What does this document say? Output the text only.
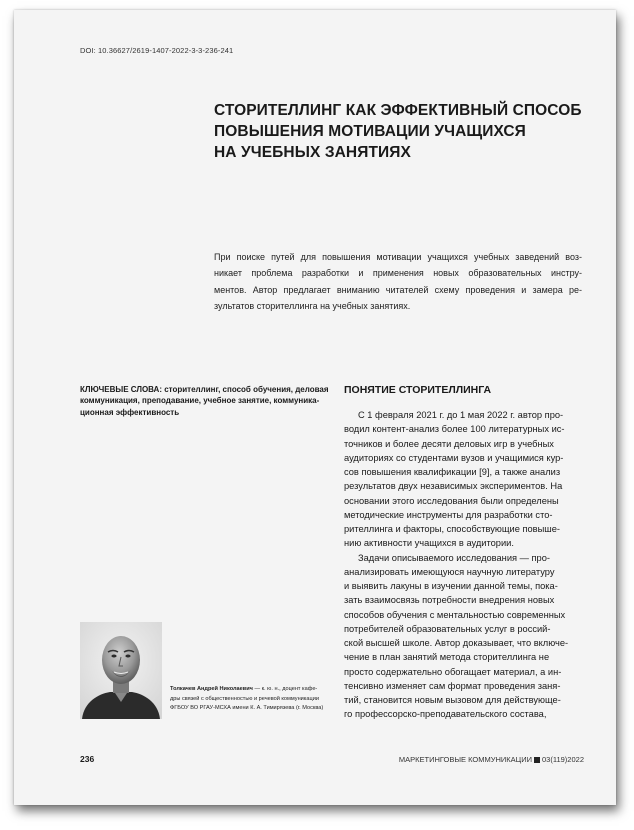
DOI: 10.36627/2619-1407-2022-3-3-236-241
СТОРИТЕЛЛИНГ КАК ЭФФЕКТИВНЫЙ СПОСОБ
ПОВЫШЕНИЯ МОТИВАЦИИ УЧАЩИХСЯ
НА УЧЕБНЫХ ЗАНЯТИЯХ
При поиске путей для повышения мотивации учащихся учебных заведений воз-
никает проблема разработки и применения новых образовательных инстру-
ментов. Автор предлагает вниманию читателей схему проведения и замера ре-
зультатов сторителлинга на учебных занятиях.
КЛЮЧЕВЫЕ СЛОВА: сторителлинг, способ обучения, деловая
коммуникация, преподавание, учебное занятие, коммуника-
ционная эффективность
ПОНЯТИЕ СТОРИТЕЛЛИНГА
С 1 февраля 2021 г. до 1 мая 2022 г. автор про-
водил контент-анализ более 100 литературных ис-
точников и более десяти деловых игр в учебных
аудиториях со студентами вузов и учащимися кур-
сов повышения квалификации [9], а также анализ
результатов двух независимых экспериментов. На
основании этого исследования были определены
методические инструменты для разработки сто-
рителлинга и факторы, способствующие повыше-
нию активности учащихся в аудитории.
Задачи описываемого исследования — про-
анализировать имеющуюся научную литературу
и выявить лакуны в изучении данной темы, пока-
зать взаимосвязь потребности внедрения новых
способов обучения с ментальностью современных
потребителей образовательных услуг в россий-
ской высшей школе. Автор доказывает, что включе-
чение в план занятий метода сторителлинга не
просто содержательно обогащает материал, а ин-
тенсивно изменяет сам формат проведения заня-
тий, становится новым вызовом для действующе-
го профессорско-преподавательского состава,
Толкачев Андрей Николаевич — к. ю. н., доцент кафе-
дры связей с общественностью и речевой коммуникации
ФГБОУ ВО РГАУ-МСХА имени К. А. Тимирязева (г. Москва)
236	МАРКЕТИНГОВЫЕ КОММУНИКАЦИИ 03(119)2022
